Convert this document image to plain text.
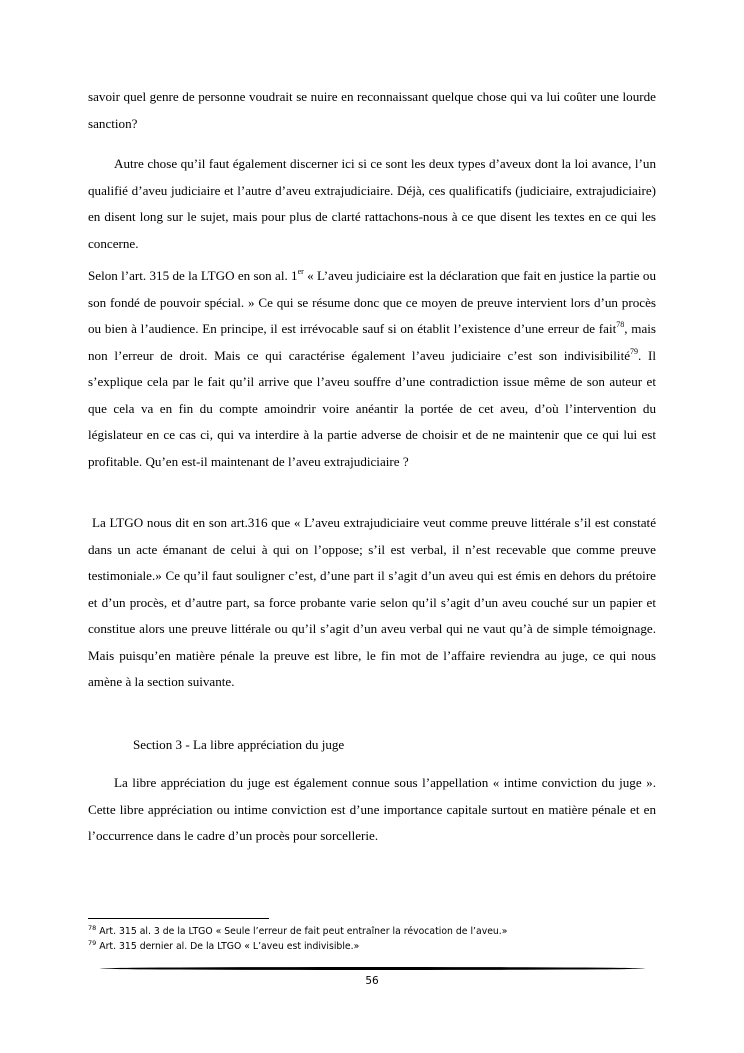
savoir quel genre de personne voudrait se nuire en reconnaissant quelque chose qui va lui coûter une lourde sanction?

Autre chose qu’il faut également discerner ici si ce sont les deux types d’aveux dont la loi avance, l’un qualifié d’aveu judiciaire et l’autre d’aveu extrajudiciaire. Déjà, ces qualificatifs (judiciaire, extrajudiciaire) en disent long sur le sujet, mais pour plus de clarté rattachons-nous à ce que disent les textes en ce qui les concerne.

Selon l’art. 315 de la LTGO en son al. 1er « L’aveu judiciaire est la déclaration que fait en justice la partie ou son fondé de pouvoir spécial. » Ce qui se résume donc que ce moyen de preuve intervient lors d’un procès ou bien à l’audience. En principe, il est irrévocable sauf si on établit l’existence d’une erreur de fait$^{78}$, mais non l’erreur de droit. Mais ce qui caractérise également l’aveu judiciaire c’est son indivisibilité$^{79}$. Il s’explique cela par le fait qu’il arrive que l’aveu souffre d’une contradiction issue même de son auteur et que cela va en fin du compte amoindrir voire anéantir la portée de cet aveu, d’où l’intervention du législateur en ce cas ci, qui va interdire à la partie adverse de choisir et de ne maintenir que ce qui lui est profitable. Qu’en est-il maintenant de l’aveu extrajudiciaire ?

La LTGO nous dit en son art.316 que « L’aveu extrajudiciaire veut comme preuve littérale s’il est constaté dans un acte émanant de celui à qui on l’oppose; s’il est verbal, il n’est recevable que comme preuve testimoniale.» Ce qu’il faut souligner c’est, d’une part il s’agit d’un aveu qui est émis en dehors du prétoire et d’un procès, et d’autre part, sa force probante varie selon qu’il s’agit d’un aveu couché sur un papier et constitue alors une preuve littérale ou qu’il s’agit d’un aveu verbal qui ne vaut qu’à de simple témoignage. Mais puisqu’en matière pénale la preuve est libre, le fin mot de l’affaire reviendra au juge, ce qui nous amène à la section suivante.

Section 3 - La libre appréciation du juge

La libre appréciation du juge est également connue sous l’appellation « intime conviction du juge ». Cette libre appréciation ou intime conviction est d’une importance capitale surtout en matière pénale et en l’occurrence dans le cadre d’un procès pour sorcellerie.

$^{78}$ Art. 315 al. 3 de la LTGO « Seule l’erreur de fait peut entraîner la révocation de l’aveu.»
$^{79}$ Art. 315 dernier al. De la LTGO « L’aveu est indivisible.»
56
